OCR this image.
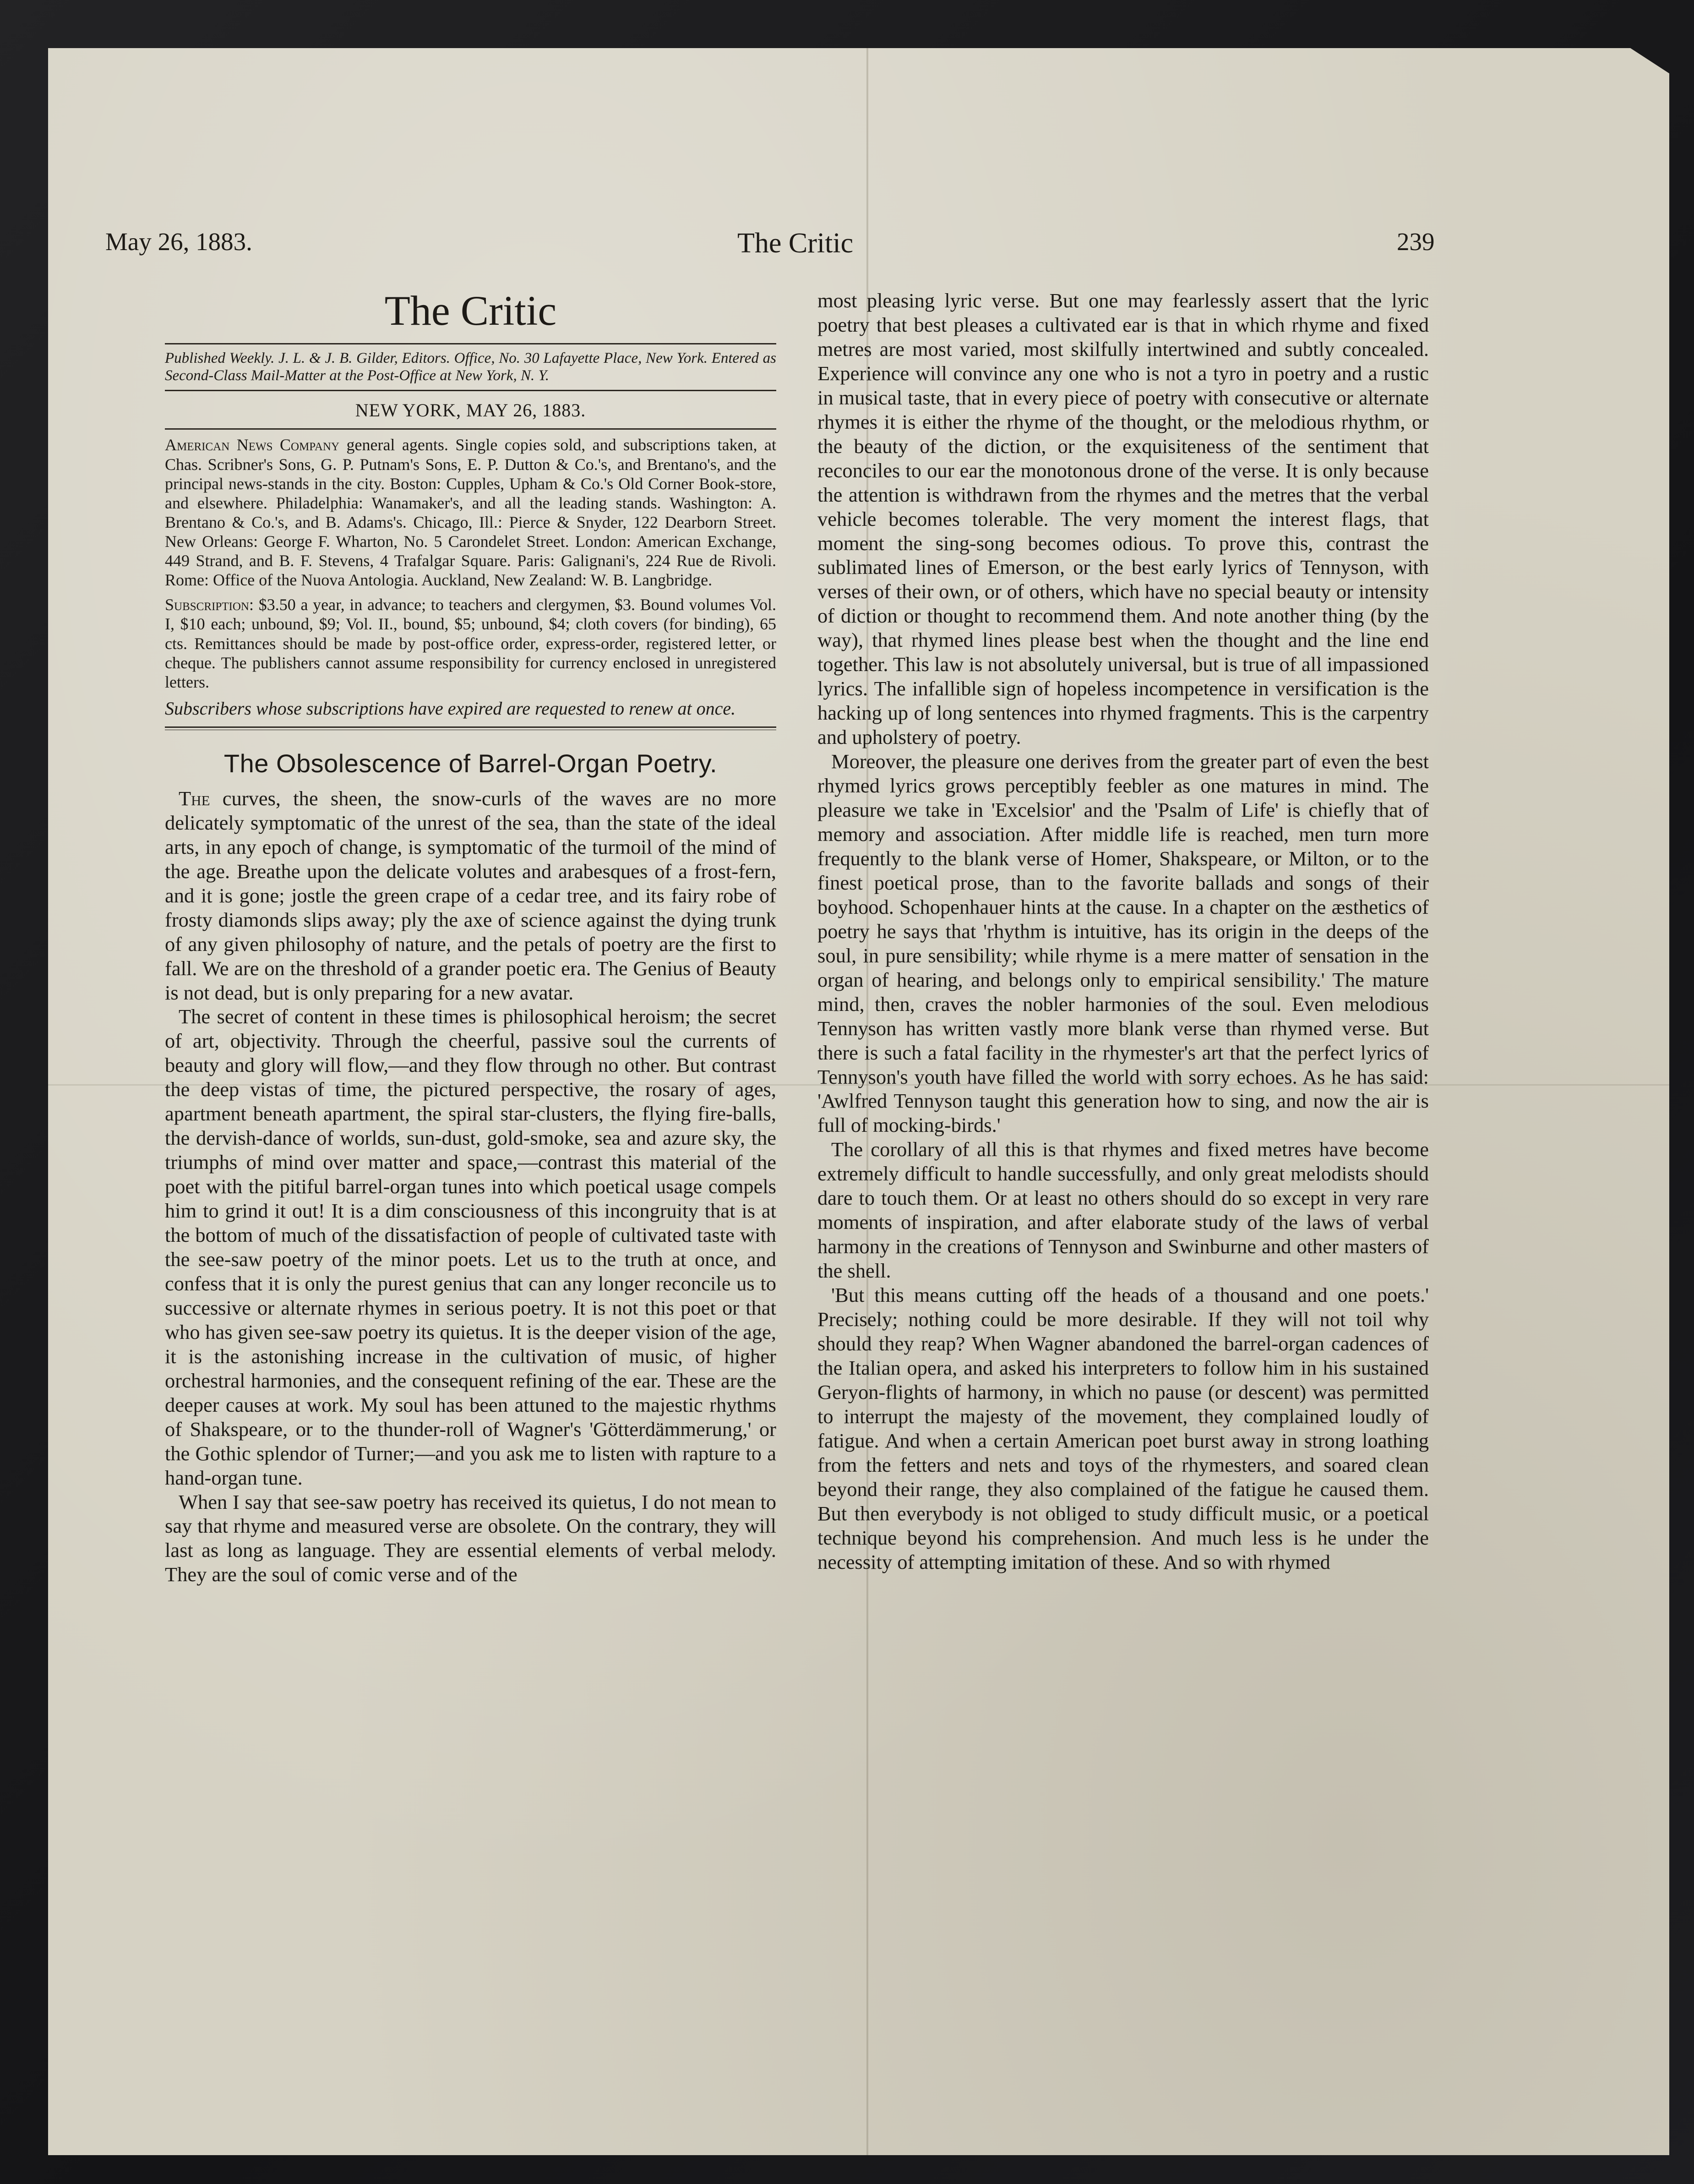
May 26, 1883.	The Critic	239
The Critic

Published Weekly. J. L. & J. B. Gilder, Editors. Office, No. 30 Lafayette Place, New York. Entered as Second-Class Mail-Matter at the Post-Office at New York, N. Y.

NEW YORK, MAY 26, 1883.

American News Company general agents. Single copies sold, and subscriptions taken, at Chas. Scribner's Sons, G. P. Putnam's Sons, E. P. Dutton & Co.'s, and Brentano's, and the principal news-stands in the city. Boston: Cupples, Upham & Co.'s Old Corner Book-store, and elsewhere. Philadelphia: Wanamaker's, and all the leading stands. Washington: A. Brentano & Co.'s, and B. Adams's. Chicago, Ill.: Pierce & Snyder, 122 Dearborn Street. New Orleans: George F. Wharton, No. 5 Carondelet Street. London: American Exchange, 449 Strand, and B. F. Stevens, 4 Trafalgar Square. Paris: Galignani's, 224 Rue de Rivoli. Rome: Office of the Nuova Antologia. Auckland, New Zealand: W. B. Langbridge.

Subscription: $3.50 a year, in advance; to teachers and clergymen, $3. Bound volumes Vol. I, $10 each; unbound, $9; Vol. II., bound, $5; unbound, $4; cloth covers (for binding), 65 cts. Remittances should be made by post-office order, express-order, registered letter, or cheque. The publishers cannot assume responsibility for currency enclosed in unregistered letters.

Subscribers whose subscriptions have expired are requested to renew at once.

The Obsolescence of Barrel-Organ Poetry.

The curves, the sheen, the snow-curls of the waves are no more delicately symptomatic of the unrest of the sea, than the state of the ideal arts, in any epoch of change, is symptomatic of the turmoil of the mind of the age. Breathe upon the delicate volutes and arabesques of a frost-fern, and it is gone; jostle the green crape of a cedar tree, and its fairy robe of frosty diamonds slips away; ply the axe of science against the dying trunk of any given philosophy of nature, and the petals of poetry are the first to fall. We are on the threshold of a grander poetic era. The Genius of Beauty is not dead, but is only preparing for a new avatar.

The secret of content in these times is philosophical heroism; the secret of art, objectivity. Through the cheerful, passive soul the currents of beauty and glory will flow,—and they flow through no other. But contrast the deep vistas of time, the pictured perspective, the rosary of ages, apartment beneath apartment, the spiral star-clusters, the flying fire-balls, the dervish-dance of worlds, sun-dust, gold-smoke, sea and azure sky, the triumphs of mind over matter and space,—contrast this material of the poet with the pitiful barrel-organ tunes into which poetical usage compels him to grind it out! It is a dim consciousness of this incongruity that is at the bottom of much of the dissatisfaction of people of cultivated taste with the see-saw poetry of the minor poets. Let us to the truth at once, and confess that it is only the purest genius that can any longer reconcile us to successive or alternate rhymes in serious poetry. It is not this poet or that who has given see-saw poetry its quietus. It is the deeper vision of the age, it is the astonishing increase in the cultivation of music, of higher orchestral harmonies, and the consequent refining of the ear. These are the deeper causes at work. My soul has been attuned to the majestic rhythms of Shakspeare, or to the thunder-roll of Wagner's 'Götterdämmerung,' or the Gothic splendor of Turner;—and you ask me to listen with rapture to a hand-organ tune.

When I say that see-saw poetry has received its quietus, I do not mean to say that rhyme and measured verse are obsolete. On the contrary, they will last as long as language. They are essential elements of verbal melody. They are the soul of comic verse and of the

most pleasing lyric verse. But one may fearlessly assert that the lyric poetry that best pleases a cultivated ear is that in which rhyme and fixed metres are most varied, most skilfully intertwined and subtly concealed. Experience will convince any one who is not a tyro in poetry and a rustic in musical taste, that in every piece of poetry with consecutive or alternate rhymes it is either the rhyme of the thought, or the melodious rhythm, or the beauty of the diction, or the exquisiteness of the sentiment that reconciles to our ear the monotonous drone of the verse. It is only because the attention is withdrawn from the rhymes and the metres that the verbal vehicle becomes tolerable. The very moment the interest flags, that moment the sing-song becomes odious. To prove this, contrast the sublimated lines of Emerson, or the best early lyrics of Tennyson, with verses of their own, or of others, which have no special beauty or intensity of diction or thought to recommend them. And note another thing (by the way), that rhymed lines please best when the thought and the line end together. This law is not absolutely universal, but is true of all impassioned lyrics. The infallible sign of hopeless incompetence in versification is the hacking up of long sentences into rhymed fragments. This is the carpentry and upholstery of poetry.

Moreover, the pleasure one derives from the greater part of even the best rhymed lyrics grows perceptibly feebler as one matures in mind. The pleasure we take in 'Excelsior' and the 'Psalm of Life' is chiefly that of memory and association. After middle life is reached, men turn more frequently to the blank verse of Homer, Shakspeare, or Milton, or to the finest poetical prose, than to the favorite ballads and songs of their boyhood. Schopenhauer hints at the cause. In a chapter on the æsthetics of poetry he says that 'rhythm is intuitive, has its origin in the deeps of the soul, in pure sensibility; while rhyme is a mere matter of sensation in the organ of hearing, and belongs only to empirical sensibility.' The mature mind, then, craves the nobler harmonies of the soul. Even melodious Tennyson has written vastly more blank verse than rhymed verse. But there is such a fatal facility in the rhymester's art that the perfect lyrics of Tennyson's youth have filled the world with sorry echoes. As he has said: 'Awlfred Tennyson taught this generation how to sing, and now the air is full of mocking-birds.'

The corollary of all this is that rhymes and fixed metres have become extremely difficult to handle successfully, and only great melodists should dare to touch them. Or at least no others should do so except in very rare moments of inspiration, and after elaborate study of the laws of verbal harmony in the creations of Tennyson and Swinburne and other masters of the shell.

'But this means cutting off the heads of a thousand and one poets.' Precisely; nothing could be more desirable. If they will not toil why should they reap? When Wagner abandoned the barrel-organ cadences of the Italian opera, and asked his interpreters to follow him in his sustained Geryon-flights of harmony, in which no pause (or descent) was permitted to interrupt the majesty of the movement, they complained loudly of fatigue. And when a certain American poet burst away in strong loathing from the fetters and nets and toys of the rhymesters, and soared clean beyond their range, they also complained of the fatigue he caused them. But then everybody is not obliged to study difficult music, or a poetical technique beyond his comprehension. And much less is he under the necessity of attempting imitation of these. And so with rhymed
